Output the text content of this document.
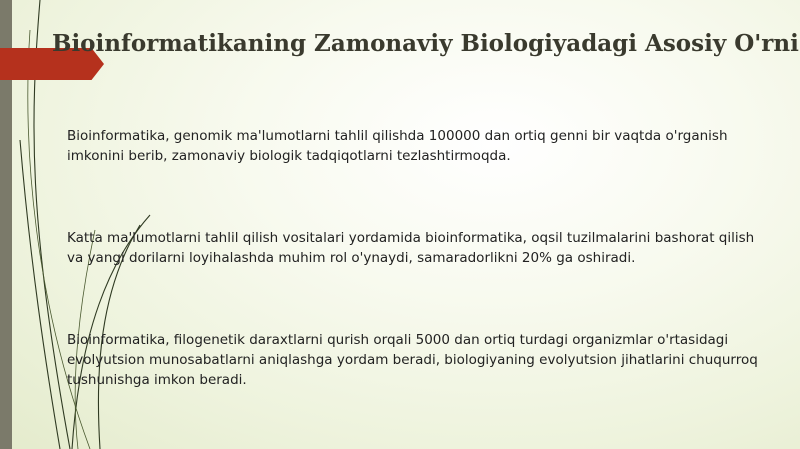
Bioinformatikaning Zamonaviy Biologiyadagi Asosiy O'rni

Bioinformatika, genomik ma'lumotlarni tahlil qilishda 100000 dan ortiq genni bir vaqtda o'rganish imkonini berib, zamonaviy biologik tadqiqotlarni tezlashtirmoqda.

Katta ma'lumotlarni tahlil qilish vositalari yordamida bioinformatika, oqsil tuzilmalarini bashorat qilish va yangi dorilarni loyihalashda muhim rol o'ynaydi, samaradorlikni 20% ga oshiradi.

Bioinformatika, filogenetik daraxtlarni qurish orqali 5000 dan ortiq turdagi organizmlar o'rtasidagi evolyutsion munosabatlarni aniqlashga yordam beradi, biologiyaning evolyutsion jihatlarini chuqurroq tushunishga imkon beradi.
